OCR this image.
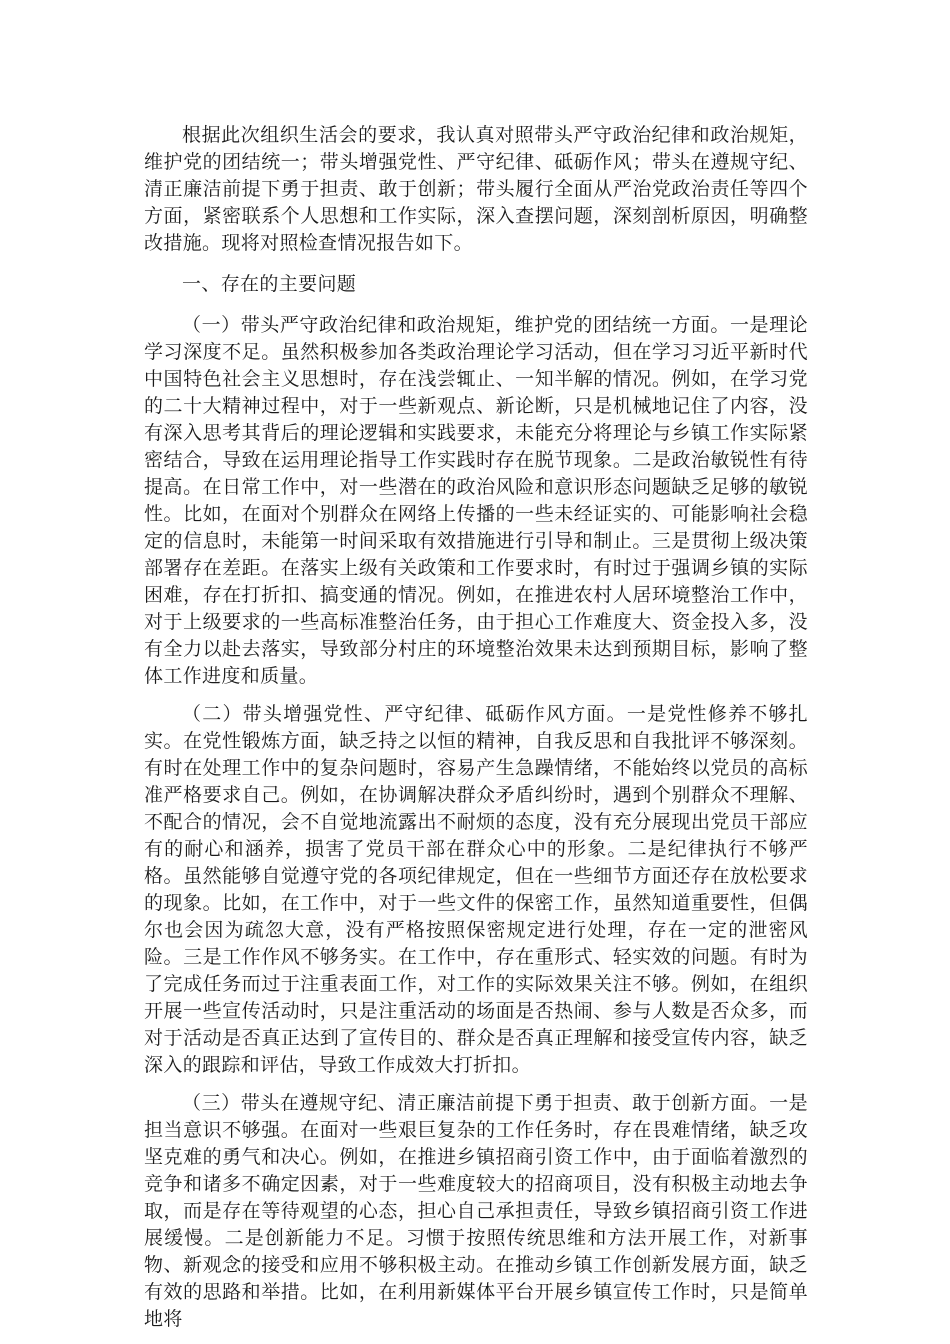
根据此次组织生活会的要求，我认真对照带头严守政治纪律和政治规矩，维护党的团结统一；带头增强党性、严守纪律、砥砺作风；带头在遵规守纪、清正廉洁前提下勇于担责、敢于创新；带头履行全面从严治党政治责任等四个方面，紧密联系个人思想和工作实际，深入查摆问题，深刻剖析原因，明确整改措施。现将对照检查情况报告如下。

一、存在的主要问题

（一）带头严守政治纪律和政治规矩，维护党的团结统一方面。一是理论学习深度不足。虽然积极参加各类政治理论学习活动，但在学习习近平新时代中国特色社会主义思想时，存在浅尝辄止、一知半解的情况。例如，在学习党的二十大精神过程中，对于一些新观点、新论断，只是机械地记住了内容，没有深入思考其背后的理论逻辑和实践要求，未能充分将理论与乡镇工作实际紧密结合，导致在运用理论指导工作实践时存在脱节现象。二是政治敏锐性有待提高。在日常工作中，对一些潜在的政治风险和意识形态问题缺乏足够的敏锐性。比如，在面对个别群众在网络上传播的一些未经证实的、可能影响社会稳定的信息时，未能第一时间采取有效措施进行引导和制止。三是贯彻上级决策部署存在差距。在落实上级有关政策和工作要求时，有时过于强调乡镇的实际困难，存在打折扣、搞变通的情况。例如，在推进农村人居环境整治工作中，对于上级要求的一些高标准整治任务，由于担心工作难度大、资金投入多，没有全力以赴去落实，导致部分村庄的环境整治效果未达到预期目标，影响了整体工作进度和质量。

（二）带头增强党性、严守纪律、砥砺作风方面。一是党性修养不够扎实。在党性锻炼方面，缺乏持之以恒的精神，自我反思和自我批评不够深刻。有时在处理工作中的复杂问题时，容易产生急躁情绪，不能始终以党员的高标准严格要求自己。例如，在协调解决群众矛盾纠纷时，遇到个别群众不理解、不配合的情况，会不自觉地流露出不耐烦的态度，没有充分展现出党员干部应有的耐心和涵养，损害了党员干部在群众心中的形象。二是纪律执行不够严格。虽然能够自觉遵守党的各项纪律规定，但在一些细节方面还存在放松要求的现象。比如，在工作中，对于一些文件的保密工作，虽然知道重要性，但偶尔也会因为疏忽大意，没有严格按照保密规定进行处理，存在一定的泄密风险。三是工作作风不够务实。在工作中，存在重形式、轻实效的问题。有时为了完成任务而过于注重表面工作，对工作的实际效果关注不够。例如，在组织开展一些宣传活动时，只是注重活动的场面是否热闹、参与人数是否众多，而对于活动是否真正达到了宣传目的、群众是否真正理解和接受宣传内容，缺乏深入的跟踪和评估，导致工作成效大打折扣。

（三）带头在遵规守纪、清正廉洁前提下勇于担责、敢于创新方面。一是担当意识不够强。在面对一些艰巨复杂的工作任务时，存在畏难情绪，缺乏攻坚克难的勇气和决心。例如，在推进乡镇招商引资工作中，由于面临着激烈的竞争和诸多不确定因素，对于一些难度较大的招商项目，没有积极主动地去争取，而是存在等待观望的心态，担心自己承担责任，导致乡镇招商引资工作进展缓慢。二是创新能力不足。习惯于按照传统思维和方法开展工作，对新事物、新观念的接受和应用不够积极主动。在推动乡镇工作创新发展方面，缺乏有效的思路和举措。比如，在利用新媒体平台开展乡镇宣传工作时，只是简单地将
